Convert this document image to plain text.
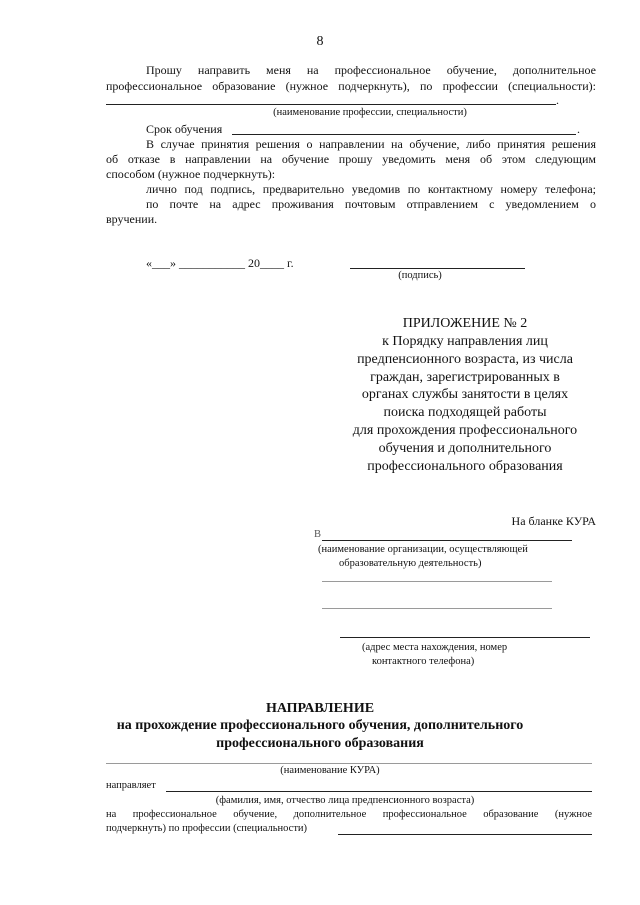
8
Прошу направить меня на профессиональное обучение, дополнительное
профессиональное образование (нужное подчеркнуть), по профессии (специальности):
.
(наименование профессии, специальности)
Срок обучения	.
В случае принятия решения о направлении на обучение, либо принятия решения
об отказе в направлении на обучение прошу уведомить меня об этом следующим
способом (нужное подчеркнуть):
лично под подпись, предварительно уведомив по контактному номеру телефона;
по почте на адрес проживания почтовым отправлением с уведомлением о
вручении.
«___» ___________ 20____ г.
(подпись)
ПРИЛОЖЕНИЕ № 2
к Порядку направления лиц
предпенсионного возраста, из числа
граждан, зарегистрированных в
органах службы занятости в целях
поиска подходящей работы
для прохождения профессионального
обучения и дополнительного
профессионального образования
На бланке КУРА
В
(наименование организации, осуществляющей
образовательную деятельность)
(адрес места нахождения, номер
контактного телефона)
НАПРАВЛЕНИЕ
на прохождение профессионального обучения, дополнительного
профессионального образования
(наименование КУРА)
направляет
(фамилия, имя, отчество лица предпенсионного возраста)
на профессиональное обучение, дополнительное профессиональное образование (нужное
подчеркнуть) по профессии (специальности)
